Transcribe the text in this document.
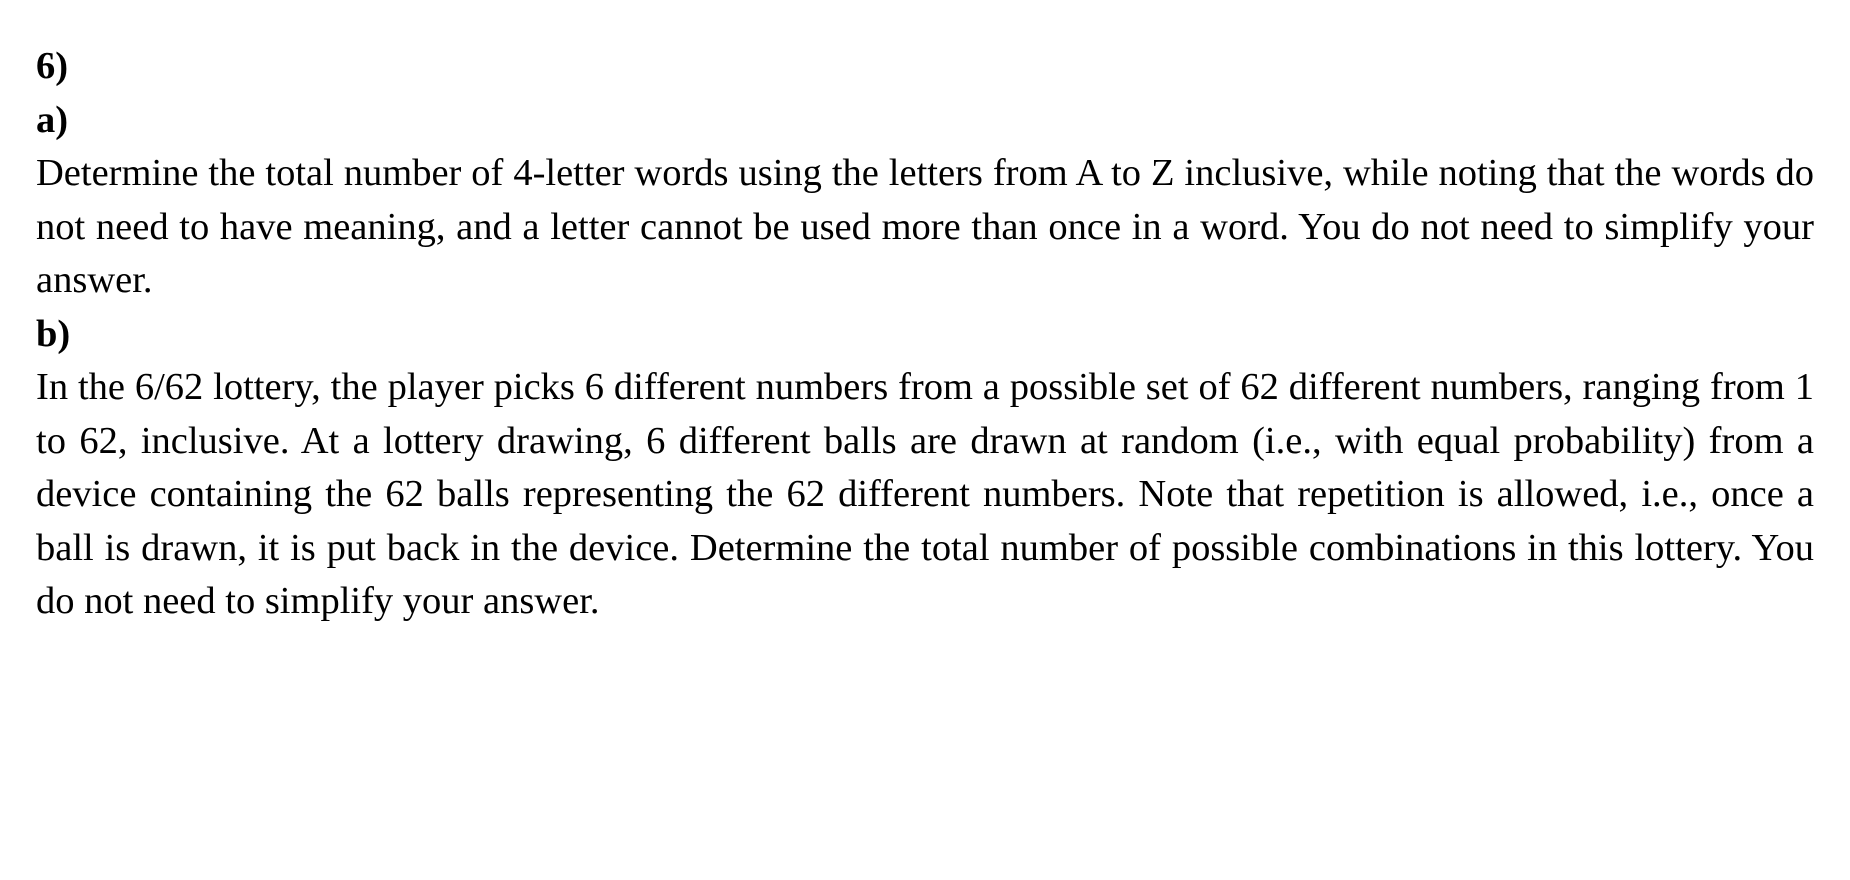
6)
a)

Determine the total number of 4-letter words using the letters from A to Z inclusive, while noting that the words do not need to have meaning, and a letter cannot be used more than once in a word. You do not need to simplify your answer.

b)

In the 6/62 lottery, the player picks 6 different numbers from a possible set of 62 different numbers, ranging from 1 to 62, inclusive. At a lottery drawing, 6 different balls are drawn at random (i.e., with equal probability) from a device containing the 62 balls representing the 62 different numbers. Note that repetition is allowed, i.e., once a ball is drawn, it is put back in the device. Determine the total number of possible combinations in this lottery. You do not need to simplify your answer.
